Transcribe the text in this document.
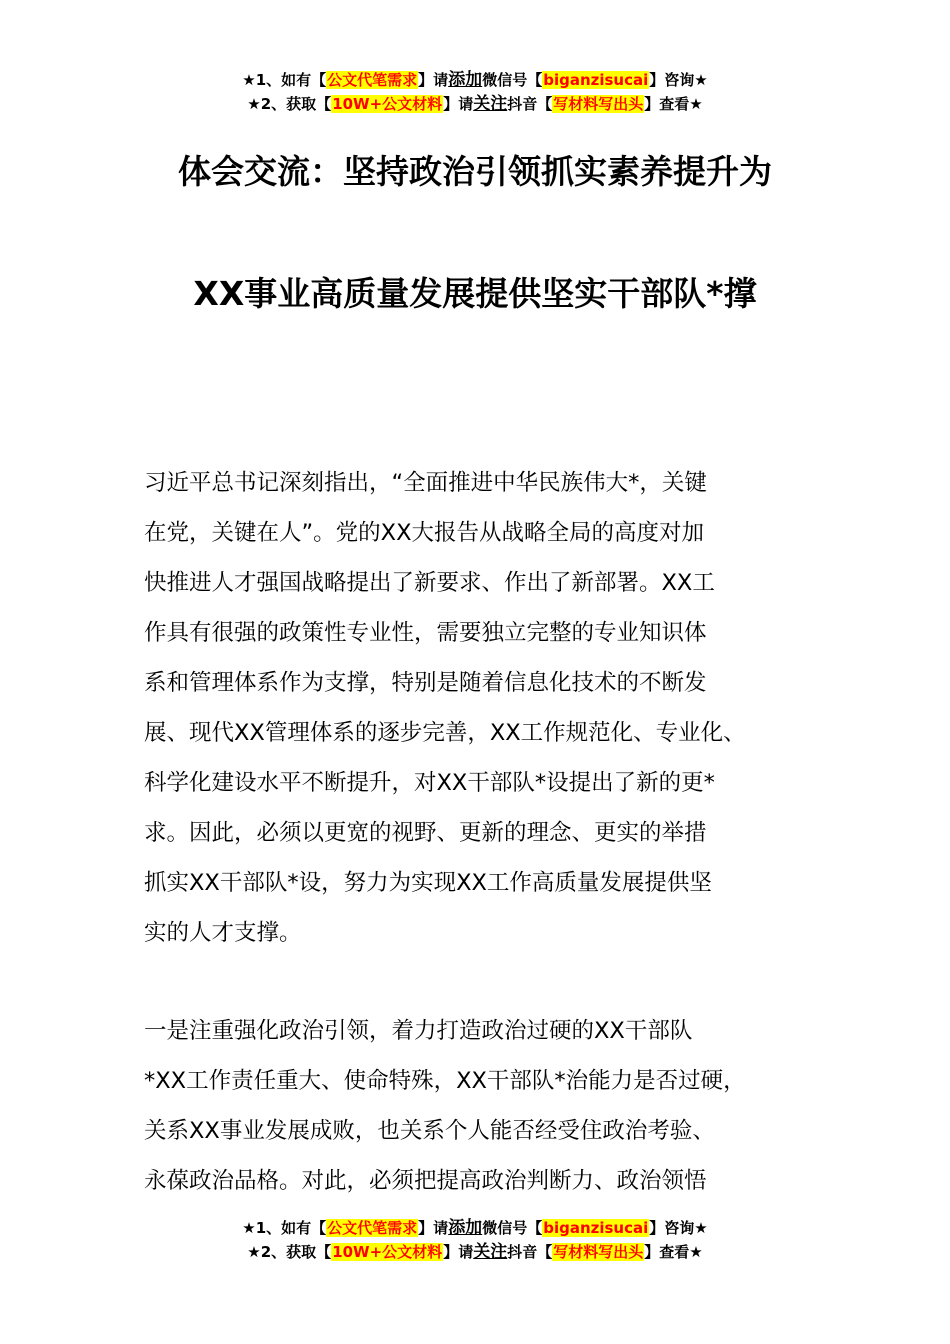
★1、如有【公文代笔需求】请添加微信号【biganzisucai】咨询★
★2、获取【10W+公文材料】请关注抖音【写材料写出头】查看★
体会交流：坚持政治引领抓实素养提升为
XX事业高质量发展提供坚实干部队*撑
习近平总书记深刻指出，“全面推进中华民族伟大*，关键
在党，关键在人”。党的XX大报告从战略全局的高度对加
快推进人才强国战略提出了新要求、作出了新部署。XX工
作具有很强的政策性专业性，需要独立完整的专业知识体
系和管理体系作为支撑，特别是随着信息化技术的不断发
展、现代XX管理体系的逐步完善，XX工作规范化、专业化、
科学化建设水平不断提升，对XX干部队*设提出了新的更*
求。因此，必须以更宽的视野、更新的理念、更实的举措
抓实XX干部队*设，努力为实现XX工作高质量发展提供坚
实的人才支撑。
一是注重强化政治引领，着力打造政治过硬的XX干部队
*XX工作责任重大、使命特殊，XX干部队*治能力是否过硬，
关系XX事业发展成败，也关系个人能否经受住政治考验、
永葆政治品格。对此，必须把提高政治判断力、政治领悟
★1、如有【公文代笔需求】请添加微信号【biganzisucai】咨询★
★2、获取【10W+公文材料】请关注抖音【写材料写出头】查看★
